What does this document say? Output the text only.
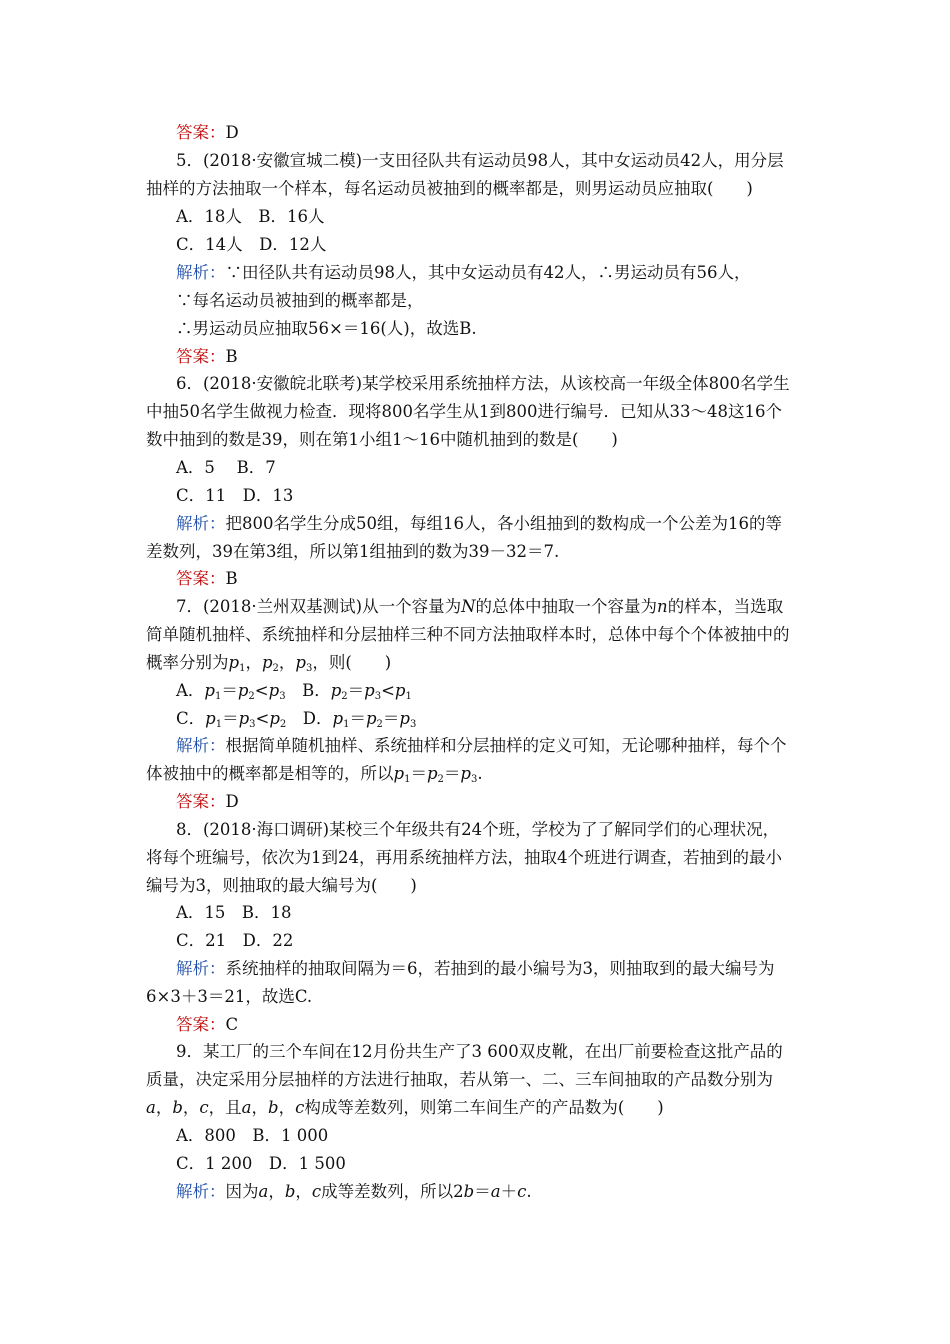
答案：D
5．(2018·安徽宣城二模)一支田径队共有运动员98人，其中女运动员42人，用分层
抽样的方法抽取一个样本，每名运动员被抽到的概率都是，则男运动员应抽取(　　)
A．18人　B．16人
C．14人　D．12人
解析：∵田径队共有运动员98人，其中女运动员有42人，∴男运动员有56人，
∵每名运动员被抽到的概率都是，
∴男运动员应抽取56×＝16(人)，故选B.
答案：B
6．(2018·安徽皖北联考)某学校采用系统抽样方法，从该校高一年级全体800名学生
中抽50名学生做视力检查．现将800名学生从1到800进行编号．已知从33～48这16个
数中抽到的数是39，则在第1小组1～16中随机抽到的数是(　　)
A．5　 B．7
C．11　D．13
解析：把800名学生分成50组，每组16人，各小组抽到的数构成一个公差为16的等
差数列，39在第3组，所以第1组抽到的数为39－32＝7.
答案：B
7．(2018·兰州双基测试)从一个容量为N的总体中抽取一个容量为n的样本，当选取
简单随机抽样、系统抽样和分层抽样三种不同方法抽取样本时，总体中每个个体被抽中的
概率分别为$p_1$，$p_2$，$p_3$，则(　　)
A．$p_1=p_2<p_3$　B．$p_2=p_3<p_1$
C．$p_1=p_3<p_2$　D．$p_1=p_2=p_3$
解析：根据简单随机抽样、系统抽样和分层抽样的定义可知，无论哪种抽样，每个个
体被抽中的概率都是相等的，所以$p_1=p_2=p_3$.
答案：D
8．(2018·海口调研)某校三个年级共有24个班，学校为了了解同学们的心理状况，
将每个班编号，依次为1到24，再用系统抽样方法，抽取4个班进行调查，若抽到的最小
编号为3，则抽取的最大编号为(　　)
A．15　B．18
C．21　D．22
解析：系统抽样的抽取间隔为＝6，若抽到的最小编号为3，则抽取到的最大编号为
6×3＋3＝21，故选C.
答案：C
9．某工厂的三个车间在12月份共生产了3 600双皮靴，在出厂前要检查这批产品的
质量，决定采用分层抽样的方法进行抽取，若从第一、二、三车间抽取的产品数分别为
a，b，c，且a，b，c构成等差数列，则第二车间生产的产品数为(　　)
A．800　B．1 000
C．1 200　D．1 500
解析：因为a，b，c成等差数列，所以2b＝a＋c.
